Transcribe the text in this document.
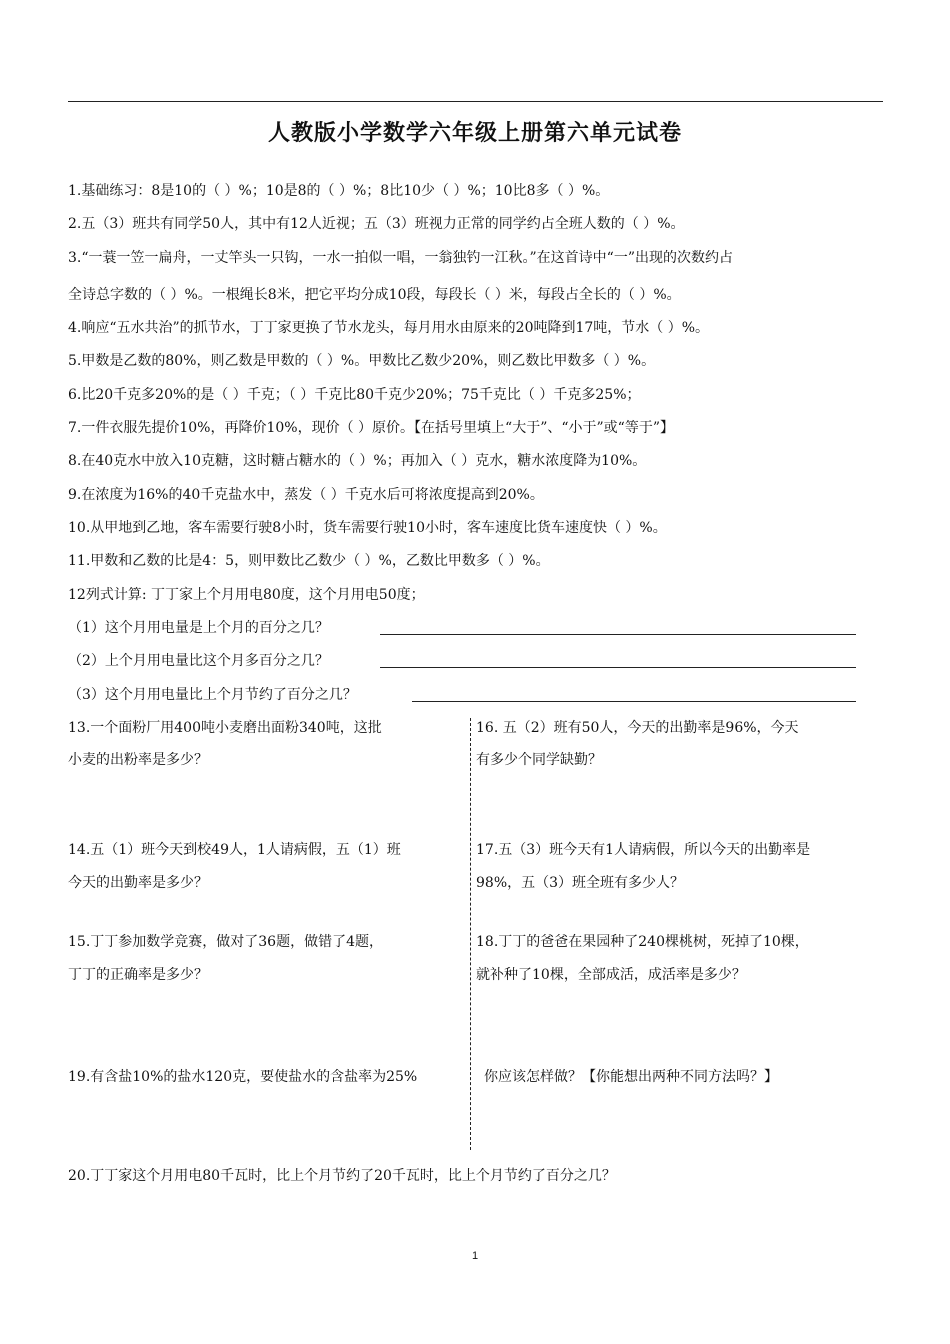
人教版小学数学六年级上册第六单元试卷
1.基础练习：8是10的（ ）%；10是8的（ ）%；8比10少（ ）%；10比8多（ ）%。
2.五（3）班共有同学50人，其中有12人近视；五（3）班视力正常的同学约占全班人数的（ ）%。
3.“一蓑一笠一扁舟，一丈竿头一只钩，一水一拍似一唱，一翁独钓一江秋。”在这首诗中“一”出现的次数约占
全诗总字数的（ ）%。一根绳长8米，把它平均分成10段，每段长（ ）米，每段占全长的（ ）%。
4.响应“五水共治”的抓节水，丁丁家更换了节水龙头，每月用水由原来的20吨降到17吨，节水（ ）%。
5.甲数是乙数的80%，则乙数是甲数的（ ）%。甲数比乙数少20%，则乙数比甲数多（ ）%。
6.比20千克多20%的是（ ）千克；（ ）千克比80千克少20%；75千克比（ ）千克多25%；
7.一件衣服先提价10%，再降价10%，现价（ ）原价。【在括号里填上“大于”、“小于”或“等于”】
8.在40克水中放入10克糖，这时糖占糖水的（ ）%；再加入（ ）克水，糖水浓度降为10%。
9.在浓度为16%的40千克盐水中，蒸发（ ）千克水后可将浓度提高到20%。
10.从甲地到乙地，客车需要行驶8小时，货车需要行驶10小时，客车速度比货车速度快（ ）%。
11.甲数和乙数的比是4：5，则甲数比乙数少（ ）%，乙数比甲数多（ ）%。
12列式计算: 丁丁家上个月用电80度，这个月用电50度；
（1）这个月用电量是上个月的百分之几？
（2）上个月用电量比这个月多百分之几？
（3）这个月用电量比上个月节约了百分之几？
13.一个面粉厂用400吨小麦磨出面粉340吨，这批
小麦的出粉率是多少？
16. 五（2）班有50人，今天的出勤率是96%，今天
有多少个同学缺勤？
14.五（1）班今天到校49人，1人请病假，五（1）班
今天的出勤率是多少？
17.五（3）班今天有1人请病假，所以今天的出勤率是
98%，五（3）班全班有多少人？
15.丁丁参加数学竞赛，做对了36题，做错了4题，
丁丁的正确率是多少？
18.丁丁的爸爸在果园种了240棵桃树，死掉了10棵，
就补种了10棵，全部成活，成活率是多少？
19.有含盐10%的盐水120克，要使盐水的含盐率为25%	你应该怎样做？【你能想出两种不同方法吗？】
20.丁丁家这个月用电80千瓦时，比上个月节约了20千瓦时，比上个月节约了百分之几？
1
